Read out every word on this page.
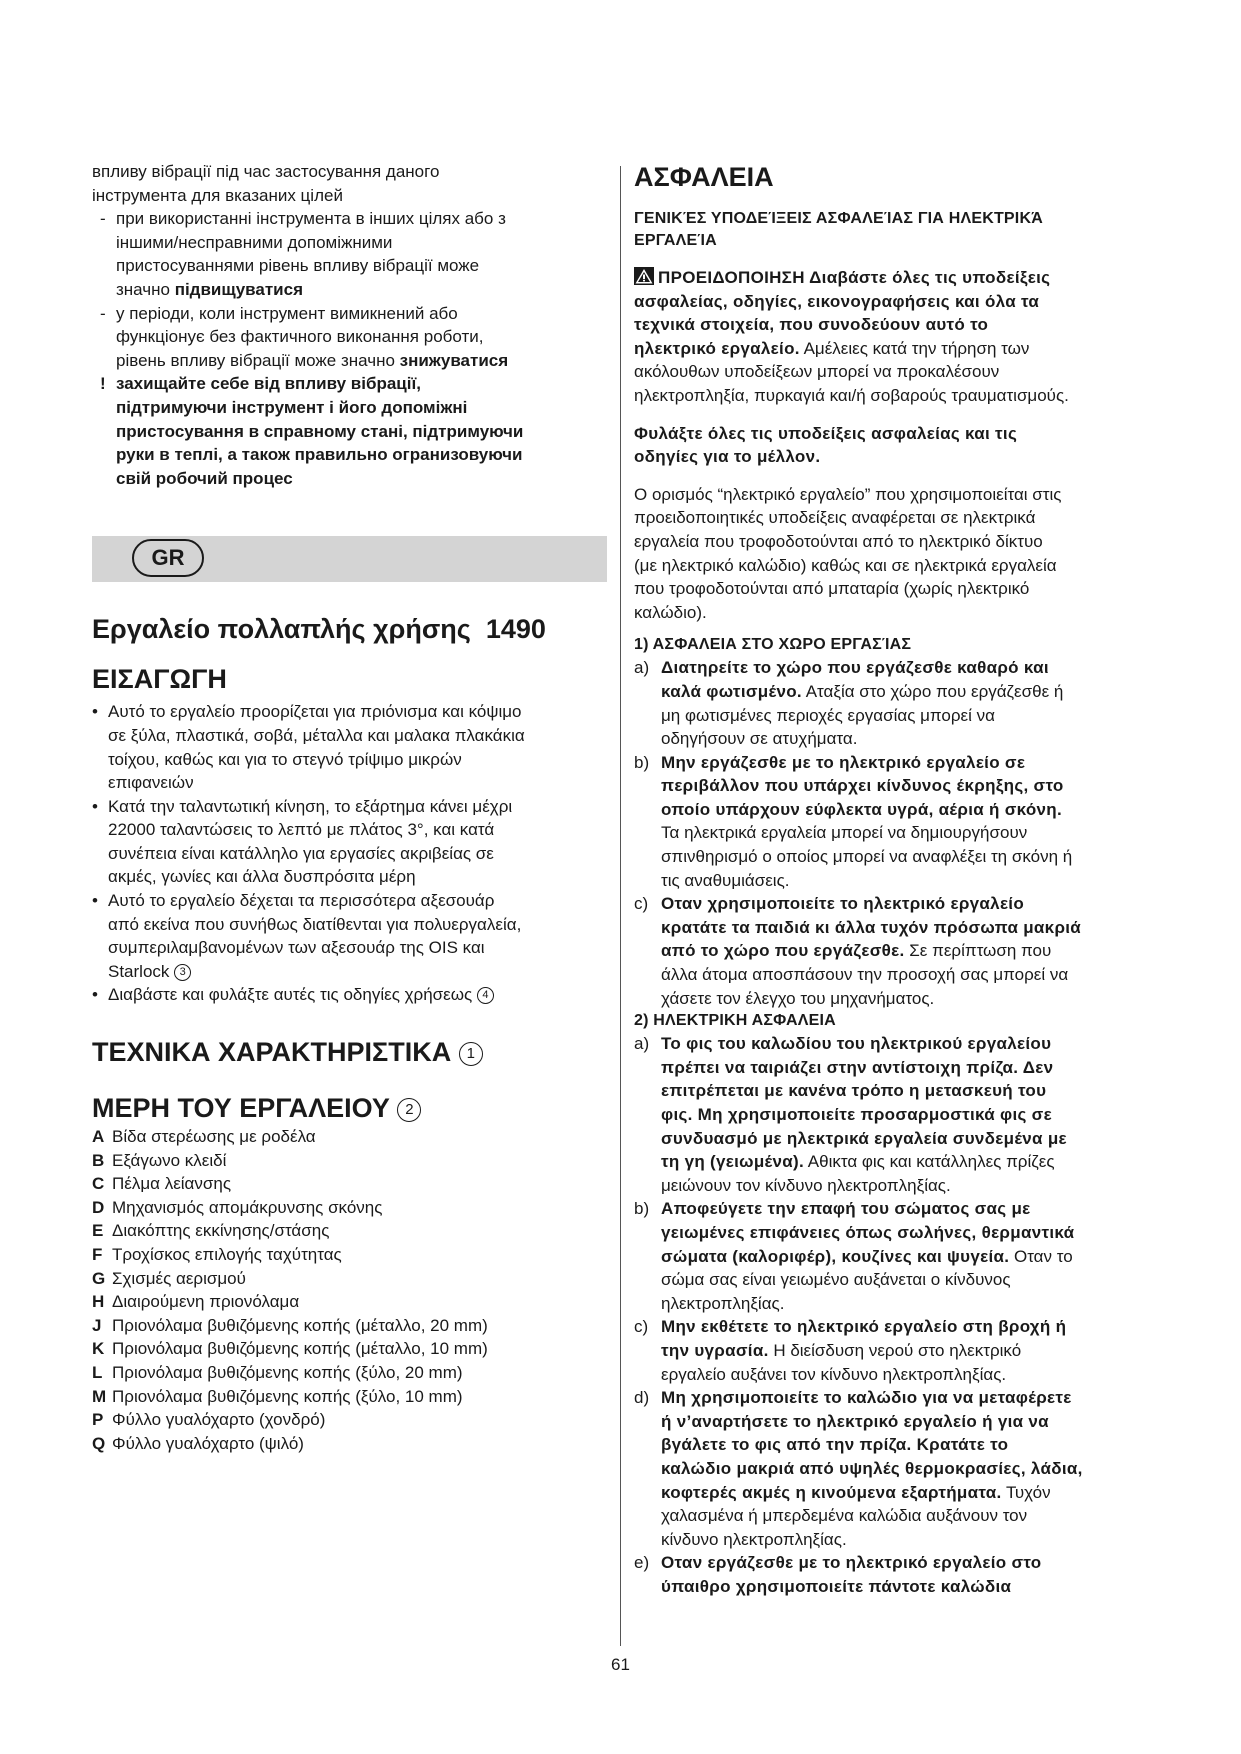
впливу вібрації під час застосування даного
інструмента для вказаних цілей
- при використанні інструмента в інших цілях або з
іншими/несправними допоміжними
пристосуваннями рівень впливу вібрації може
значно підвищуватися
- у періоди, коли інструмент вимикнений або
функціонує без фактичного виконання роботи,
рівень впливу вібрації може значно знижуватися
! захищайте себе від впливу вібрації,
підтримуючи інструмент і його допоміжні
пристосування в справному стані, підтримуючи
руки в теплі, а також правильно огранизовуючи
свій робочий процес
GR
Εργαλείο πολλαπλής χρήσης  1490
ΕΙΣΑΓΩΓΗ
• Αυτό το εργαλείο προορίζεται για πριόνισμα και κόψιμο
σε ξύλα, πλαστικά, σοβά, μέταλλα και μαλακα πλακάκια
τοίχου, καθώς και για το στεγνό τρίψιμο μικρών
επιφανειών
• Κατά την ταλαντωτική κίνηση, το εξάρτημα κάνει μέχρι
22000 ταλαντώσεις το λεπτό με πλάτος 3°, και κατά
συνέπεια είναι κατάλληλο για εργασίες ακριβείας σε
ακμές, γωνίες και άλλα δυσπρόσιτα μέρη
• Αυτό το εργαλείο δέχεται τα περισσότερα αξεσουάρ
από εκείνα που συνήθως διατίθενται για πολυεργαλεία,
συμπεριλαμβανομένων των αξεσουάρ της OIS και
Starlock 3
• Διαβάστε και φυλάξτε αυτές τις οδηγίες χρήσεως 4
ΤΕΧΝΙΚΑ ΧΑΡΑΚΤΗΡΙΣΤΙΚΑ 1
ΜΕΡΗ ΤΟΥ ΕΡΓΑΛΕΙΟΥ 2
A Βίδα στερέωσης με ροδέλα
B Εξάγωνο κλειδί
C Πέλμα λείανσης
D Μηχανισμός απομάκρυνσης σκόνης
E Διακόπτης εκκίνησης/στάσης
F Τροχίσκος επιλογής ταχύτητας
G Σχισμές αερισμού
H Διαιρούμενη πριονόλαμα
J Πριονόλαμα βυθιζόμενης κοπής (μέταλλο, 20 mm)
K Πριονόλαμα βυθιζόμενης κοπής (μέταλλο, 10 mm)
L Πριονόλαμα βυθιζόμενης κοπής (ξύλο, 20 mm)
M Πριονόλαμα βυθιζόμενης κοπής (ξύλο, 10 mm)
P Φύλλο γυαλόχαρτο (χονδρό)
Q Φύλλο γυαλόχαρτο (ψιλό)
ΑΣΦΑΛΕΙΑ
ΓΕΝΙΚΈΣ ΥΠΟΔΕΊΞΕΙΣ ΑΣΦΑΛΕΊΑΣ ΓΙΑ ΗΛΕΚΤΡΙΚΆ
ΕΡΓΑΛΕΊΑ
ΠΡΟΕΙΔΟΠΟΙΗΣΗ Διαβάστε όλες τις υποδείξεις
ασφαλείας, οδηγίες, εικονογραφήσεις και όλα τα
τεχνικά στοιχεία, που συνοδεύουν αυτό το
ηλεκτρικό εργαλείο. Αμέλειες κατά την τήρηση των
ακόλουθων υποδείξεων μπορεί να προκαλέσουν
ηλεκτροπληξία, πυρκαγιά και/ή σοβαρούς τραυματισμούς.
Φυλάξτε όλες τις υποδείξεις ασφαλείας και τις
οδηγίες για το μέλλον.
Ο ορισμός “ηλεκτρικό εργαλείο” που χρησιμοποιείται στις
προειδοποιητικές υποδείξεις αναφέρεται σε ηλεκτρικά
εργαλεία που τροφοδοτούνται από το ηλεκτρικό δίκτυο
(με ηλεκτρικό καλώδιο) καθώς και σε ηλεκτρικά εργαλεία
που τροφοδοτούνται από μπαταρία (χωρίς ηλεκτρικό
καλώδιο).
1) ΑΣΦΑΛΕΙΑ ΣΤΟ ΧΩΡΟ ΕΡΓΑΣΊΑΣ
a) Διατηρείτε το χώρο που εργάζεσθε καθαρό και
καλά φωτισμένο. Αταξία στο χώρο που εργάζεσθε ή
μη φωτισμένες περιοχές εργασίας μπορεί να
οδηγήσουν σε ατυχήματα.
b) Μην εργάζεσθε με το ηλεκτρικό εργαλείο σε
περιβάλλον που υπάρχει κίνδυνος έκρηξης, στο
οποίο υπάρχουν εύφλεκτα υγρά, αέρια ή σκόνη.
Τα ηλεκτρικά εργαλεία μπορεί να δημιουργήσουν
σπινθηρισμό ο οποίος μπορεί να αναφλέξει τη σκόνη ή
τις αναθυμιάσεις.
c) Οταν χρησιμοποιείτε το ηλεκτρικό εργαλείο
κρατάτε τα παιδιά κι άλλα τυχόν πρόσωπα μακριά
από το χώρο που εργάζεσθε. Σε περίπτωση που
άλλα άτομα αποσπάσουν την προσοχή σας μπορεί να
χάσετε τον έλεγχο του μηχανήματος.
2) ΗΛΕΚΤΡΙΚΗ ΑΣΦΑΛΕΙΑ
a) Το φις του καλωδίου του ηλεκτρικού εργαλείου
πρέπει να ταιριάζει στην αντίστοιχη πρίζα. Δεν
επιτρέπεται με κανένα τρόπο η μετασκευή του
φις. Μη χρησιμοποιείτε προσαρμοστικά φις σε
συνδυασμό με ηλεκτρικά εργαλεία συνδεμένα με
τη γη (γειωμένα). Αθικτα φις και κατάλληλες πρίζες
μειώνουν τον κίνδυνο ηλεκτροπληξίας.
b) Αποφεύγετε την επαφή του σώματος σας με
γειωμένες επιφάνειες όπως σωλήνες, θερμαντικά
σώματα (καλοριφέρ), κουζίνες και ψυγεία. Οταν το
σώμα σας είναι γειωμένο αυξάνεται ο κίνδυνος
ηλεκτροπληξίας.
c) Μην εκθέτετε το ηλεκτρικό εργαλείο στη βροχή ή
την υγρασία. Η διείσδυση νερού στο ηλεκτρικό
εργαλείο αυξάνει τον κίνδυνο ηλεκτροπληξίας.
d) Μη χρησιμοποιείτε το καλώδιο για να μεταφέρετε
ή ν’αναρτήσετε το ηλεκτρικό εργαλείο ή για να
βγάλετε το φις από την πρίζα. Κρατάτε το
καλώδιο μακριά από υψηλές θερμοκρασίες, λάδια,
κοφτερές ακμές η κινούμενα εξαρτήματα. Τυχόν
χαλασμένα ή μπερδεμένα καλώδια αυξάνουν τον
κίνδυνο ηλεκτροπληξίας.
e) Οταν εργάζεσθε με το ηλεκτρικό εργαλείο στο
ύπαιθρο χρησιμοποιείτε πάντοτε καλώδια
61
